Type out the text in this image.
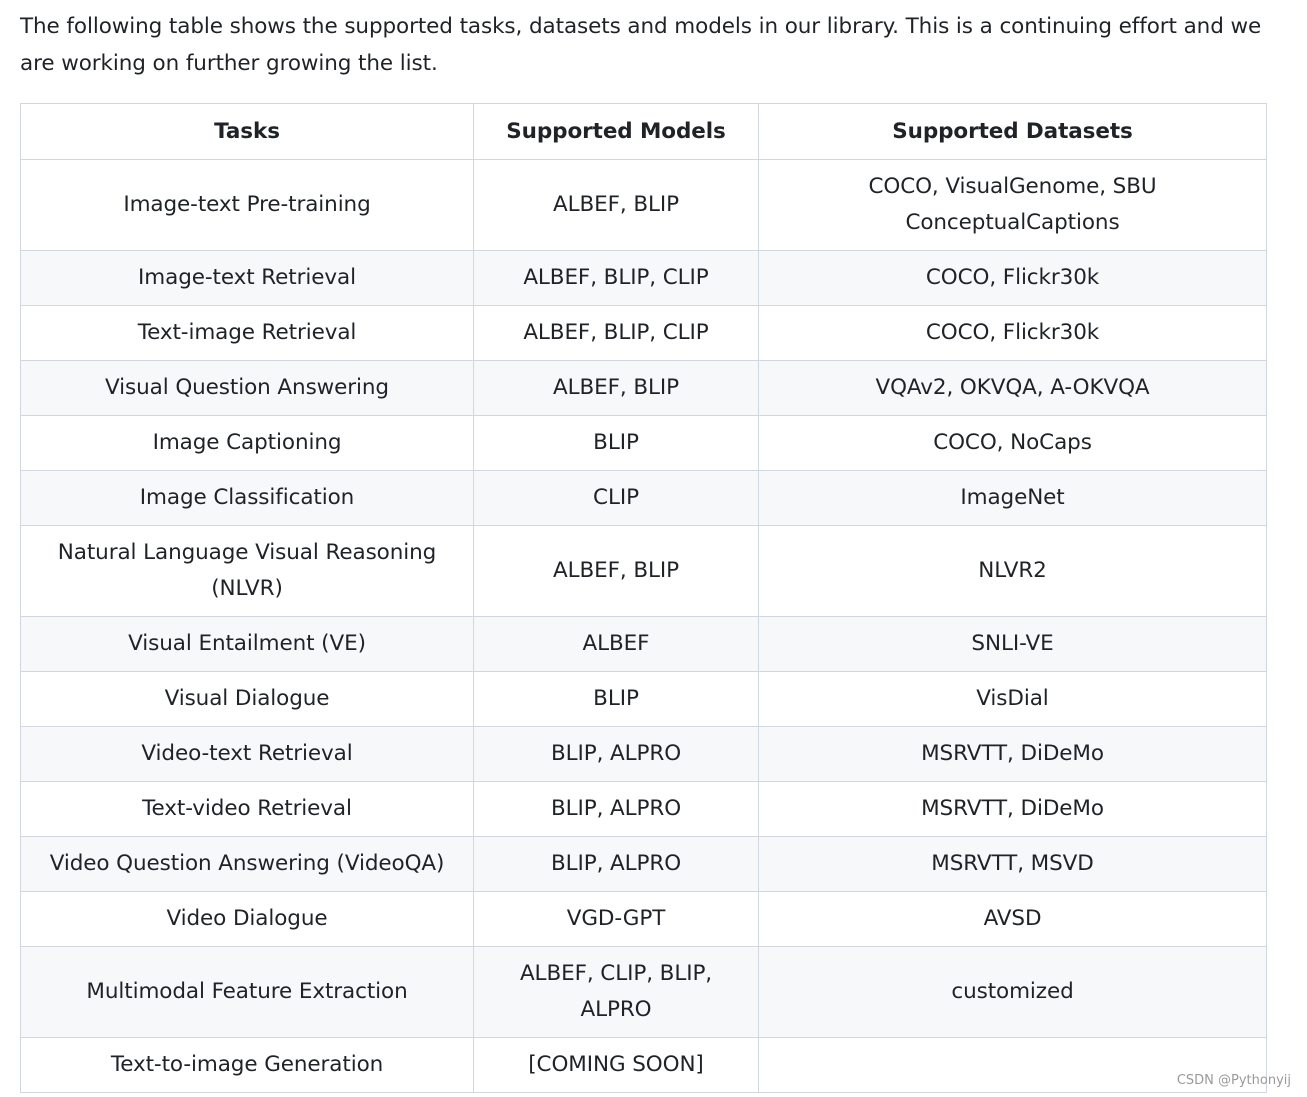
The following table shows the supported tasks, datasets and models in our library. This is a continuing effort and we are working on further growing the list.

Tasks	Supported Models	Supported Datasets
Image-text Pre-training	ALBEF, BLIP	COCO, VisualGenome, SBU ConceptualCaptions
Image-text Retrieval	ALBEF, BLIP, CLIP	COCO, Flickr30k
Text-image Retrieval	ALBEF, BLIP, CLIP	COCO, Flickr30k
Visual Question Answering	ALBEF, BLIP	VQAv2, OKVQA, A-OKVQA
Image Captioning	BLIP	COCO, NoCaps
Image Classification	CLIP	ImageNet
Natural Language Visual Reasoning (NLVR)	ALBEF, BLIP	NLVR2
Visual Entailment (VE)	ALBEF	SNLI-VE
Visual Dialogue	BLIP	VisDial
Video-text Retrieval	BLIP, ALPRO	MSRVTT, DiDeMo
Text-video Retrieval	BLIP, ALPRO	MSRVTT, DiDeMo
Video Question Answering (VideoQA)	BLIP, ALPRO	MSRVTT, MSVD
Video Dialogue	VGD-GPT	AVSD
Multimodal Feature Extraction	ALBEF, CLIP, BLIP, ALPRO	customized
Text-to-image Generation	[COMING SOON]	
CSDN @Pythonyij
